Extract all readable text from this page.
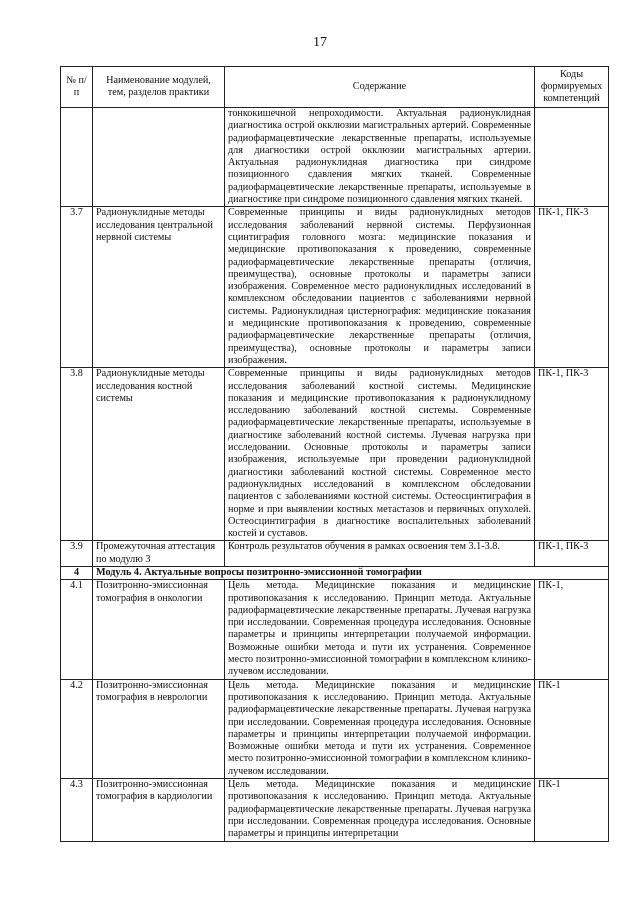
17
№ п/п	Наименование модулей, тем, разделов практики	Содержание	Коды формируемых компетенций
		тонкокишечной непроходимости. Актуальная радионуклидная диагностика острой окклюзии магистральных артерий. Современные радиофармацевтические лекарственные препараты, используемые для диагностики острой окклюзии магистральных артерии. Актуальная радионуклидная диагностика при синдроме позиционного сдавления мягких тканей. Современные радиофармацевтические лекарственные препараты, используемые в диагностике при синдроме позиционного сдавления мягких тканей.	
3.7	Радионуклидные методы исследования центральной нервной системы	Современные принципы и виды радионуклидных методов исследования заболеваний нервной системы. Перфузионная сцинтиграфия головного мозга: медицинские показания и медицинские противопоказания к проведению, современные радиофармацевтические лекарственные препараты (отличия, преимущества), основные протоколы и параметры записи изображения. Современное место радионуклидных исследований в комплексном обследовании пациентов с заболеваниями нервной системы. Радионуклидная цистернография: медицинские показания и медицинские противопоказания к проведению, современные радиофармацевтические лекарственные препараты (отличия, преимущества), основные протоколы и параметры записи изображения.	ПК-1, ПК-3
3.8	Радионуклидные методы исследования костной системы	Современные принципы и виды радионуклидных методов исследования заболеваний костной системы. Медицинские показания и медицинские противопоказания к радионуклидному исследованию заболеваний костной системы. Современные радиофармацевтические лекарственные препараты, используемые в диагностике заболеваний костной системы. Лучевая нагрузка при исследовании. Основные протоколы и параметры записи изображения, используемые при проведении радионуклидной диагностики заболеваний костной системы. Современное место радионуклидных исследований в комплексном обследовании пациентов с заболеваниями костной системы. Остеосцинтиграфия в норме и при выявлении костных метастазов и первичных опухолей. Остеосцинтиграфия в диагностике воспалительных заболеваний костей и суставов.	ПК-1, ПК-3
3.9	Промежуточная аттестация по модулю 3	Контроль результатов обучения в рамках освоения тем 3.1-3.8.	ПК-1, ПК-3
4	Модуль 4. Актуальные вопросы позитронно-эмиссионной томографии		
4.1	Позитронно-эмиссионная томография в онкологии	Цель метода. Медицинские показания и медицинские противопоказания к исследованию. Принцип метода. Актуальные радиофармацевтические лекарственные препараты. Лучевая нагрузка при исследовании. Современная процедура исследования. Основные параметры и принципы интерпретации получаемой информации. Возможные ошибки метода и пути их устранения. Современное место позитронно-эмиссионной томографии в комплексном клинико-лучевом исследовании.	ПК-1,
4.2	Позитронно-эмиссионная томография в неврологии	Цель метода. Медицинские показания и медицинские противопоказания к исследованию. Принцип метода. Актуальные радиофармацевтические лекарственные препараты. Лучевая нагрузка при исследовании. Современная процедура исследования. Основные параметры и принципы интерпретации получаемой информации. Возможные ошибки метода и пути их устранения. Современное место позитронно-эмиссионной томографии в комплексном клинико-лучевом исследовании.	ПК-1
4.3	Позитронно-эмиссионная томография в кардиологии	Цель метода. Медицинские показания и медицинские противопоказания к исследованию. Принцип метода. Актуальные радиофармацевтические лекарственные препараты. Лучевая нагрузка при исследовании. Современная процедура исследования. Основные параметры и принципы интерпретации	ПК-1
